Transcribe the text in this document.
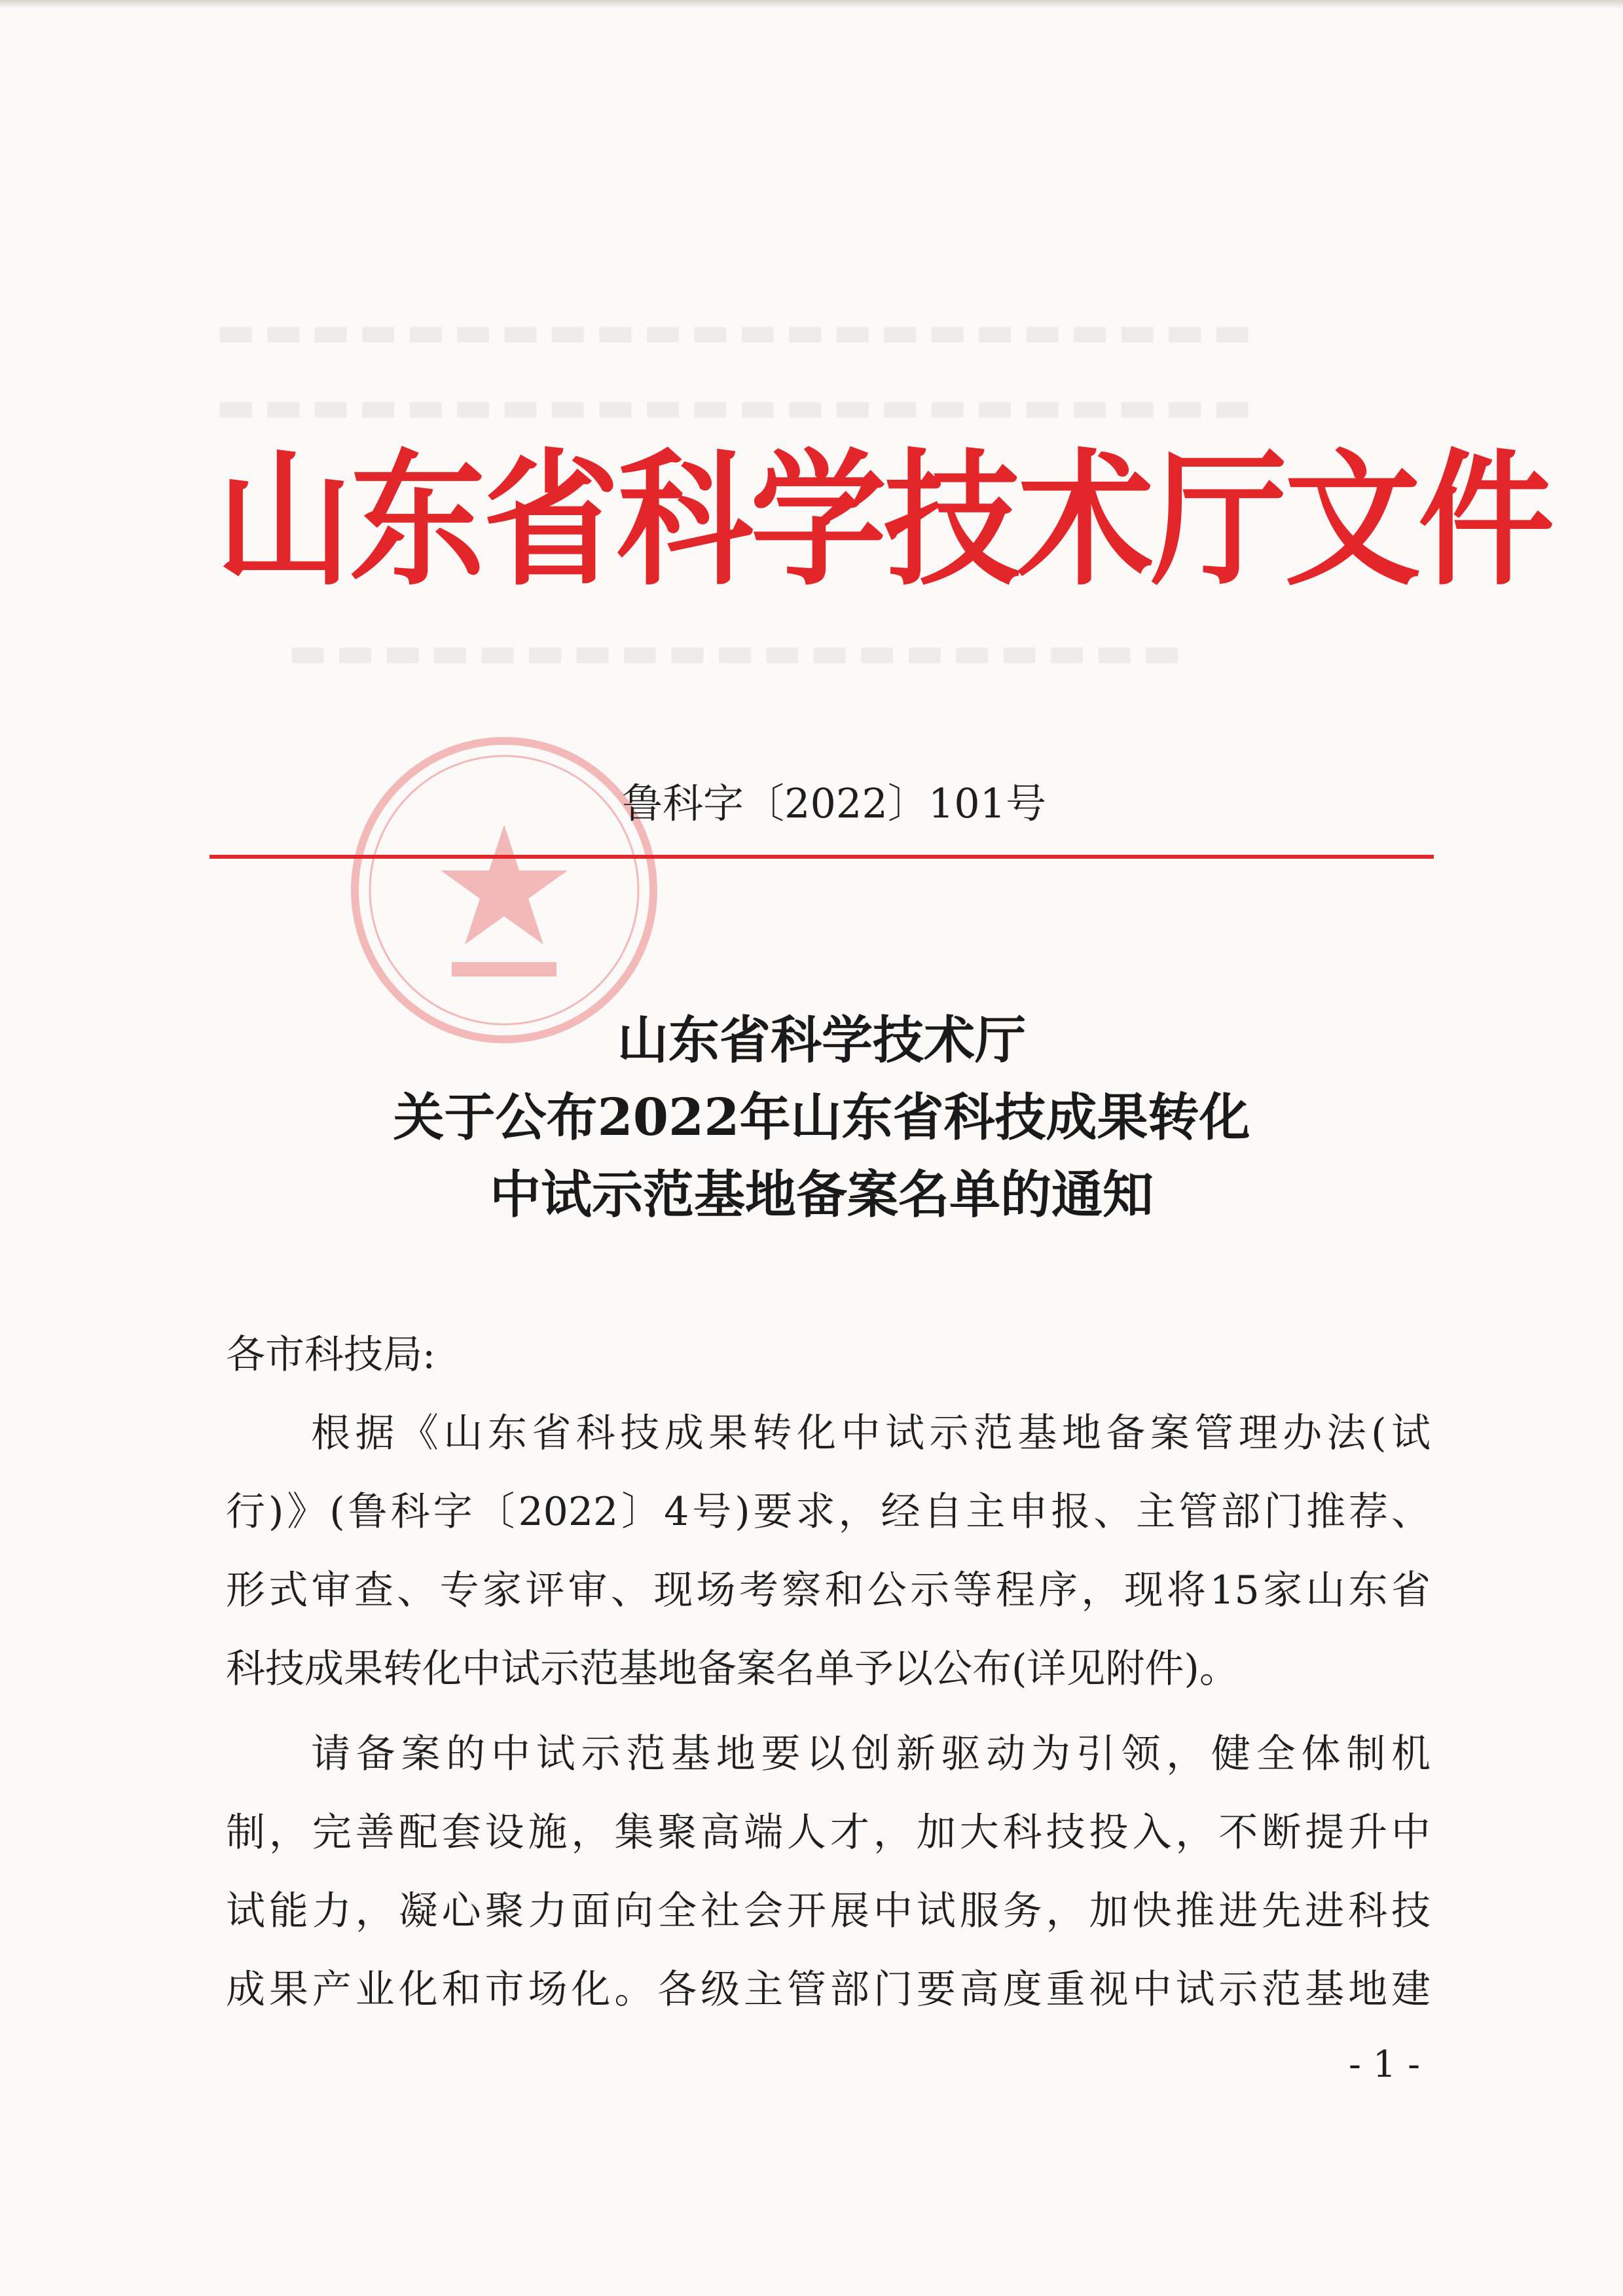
▬▬▬▬▬▬▬▬▬▬▬▬▬▬▬▬▬▬▬▬▬▬
▬▬▬▬▬▬▬▬▬▬▬▬▬▬▬▬▬▬▬▬▬▬
▬▬▬▬▬▬▬▬▬▬▬▬▬▬▬▬▬▬▬
山东省科学技术厅文件
鲁科字〔2022〕101号
山东省科学技术厅
关于公布2022年山东省科技成果转化
中试示范基地备案名单的通知
各市科技局:
根据《山东省科技成果转化中试示范基地备案管理办法(试
行)》(鲁科字〔2022〕4号)要求，经自主申报、主管部门推荐、
形式审查、专家评审、现场考察和公示等程序，现将15家山东省
科技成果转化中试示范基地备案名单予以公布(详见附件)。
请备案的中试示范基地要以创新驱动为引领，健全体制机
制，完善配套设施，集聚高端人才，加大科技投入，不断提升中
试能力，凝心聚力面向全社会开展中试服务，加快推进先进科技
成果产业化和市场化。各级主管部门要高度重视中试示范基地建
- 1 -
